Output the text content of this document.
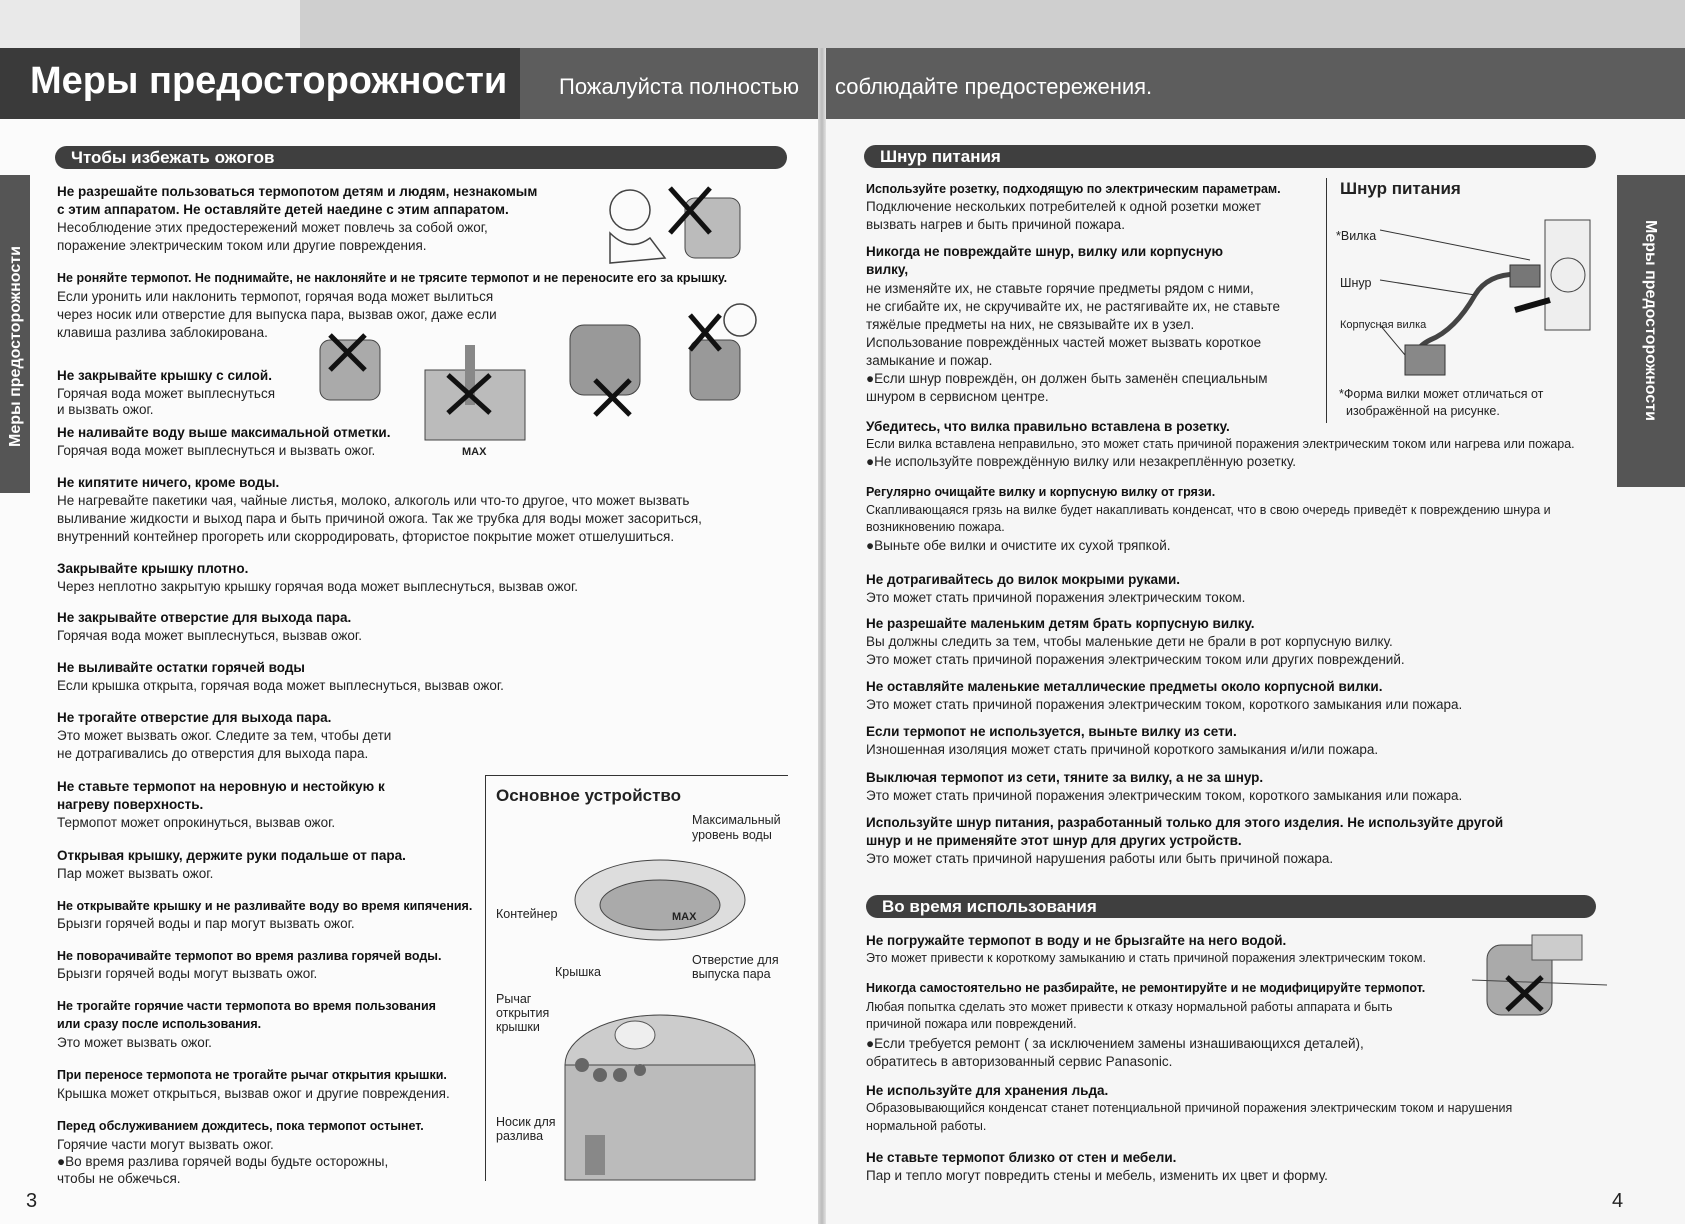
Меры предосторожности Пожалуйста полностью соблюдайте предостережения.
Меры предосторожности	Меры предосторожности
Чтобы избежать ожогов
Не разрешайте пользоваться термопотом детям и людям, незнакомым
с этим аппаратом. Не оставляйте детей наедине с этим аппаратом.
Несоблюдение этих предостережений может повлечь за собой ожог,
поражение электрическим током или другие повреждения.
Не роняйте термопот. Не поднимайте, не наклоняйте и не трясите термопот и не переносите его за крышку.
Если уронить или наклонить термопот, горячая вода может вылиться
через носик или отверстие для выпуска пара, вызвав ожог, даже если
клавиша разлива заблокирована.
Не закрывайте крышку с силой.
Горячая вода может выплеснуться
и вызвать ожог.
Не наливайте воду выше максимальной отметки.
Горячая вода может выплеснуться и вызвать ожог.
Не кипятите ничего, кроме воды.
Не нагревайте пакетики чая, чайные листья, молоко, алкоголь или что-то другое, что может вызвать
выливание жидкости и выход пара и быть причиной ожога. Так же трубка для воды может засориться,
внутренний контейнер прогореть или скорродировать, фтористое покрытие может отшелушиться.
Закрывайте крышку плотно.
Через неплотно закрытую крышку горячая вода может выплеснуться, вызвав ожог.
Не закрывайте отверстие для выхода пара.
Горячая вода может выплеснуться, вызвав ожог.
Не выливайте остатки горячей воды
Если крышка открыта, горячая вода может выплеснуться, вызвав ожог.
Не трогайте отверстие для выхода пара.
Это может вызвать ожог. Следите за тем, чтобы дети
не дотрагивались до отверстия для выхода пара.
Не ставьте термопот на неровную и нестойкую к
нагреву поверхность.
Термопот может опрокинуться, вызвав ожог.
Открывая крышку, держите руки подальше от пара.
Пар может вызвать ожог.
Не открывайте крышку и не разливайте воду во время кипячения.
Брызги горячей воды и пар могут вызвать ожог.
Не поворачивайте термопот во время разлива горячей воды.
Брызги горячей воды могут вызвать ожог.
Не трогайте горячие части термопота во время пользования
или сразу после использования.
Это может вызвать ожог.
При переносе термопота не трогайте рычаг открытия крышки.
Крышка может открыться, вызвав ожог и другие повреждения.
Перед обслуживанием дождитесь, пока термопот остынет.
Горячие части могут вызвать ожог.
●Во время разлива горячей воды будьте осторожны,
чтобы не обжечься.
MAX
Основное устройство
Максимальный
уровень воды
Контейнер	MAX
Крышка
Отверстие для
выпуска пара
Рычаг
открытия
крышки
Носик для
разлива
3
Шнур питания
Шнур питания
*Вилка
Шнур
Корпусная вилка
*Форма вилки может отличаться от
изображённой на рисунке.
Используйте розетку, подходящую по электрическим параметрам.
Подключение нескольких потребителей к одной розетки может
вызвать нагрев и быть причиной пожара.
Никогда не повреждайте шнур, вилку или корпусную
вилку,
не изменяйте их, не ставьте горячие предметы рядом с ними,
не сгибайте их, не скручивайте их, не растягивайте их, не ставьте
тяжёлые предметы на них, не связывайте их в узел.
Использование повреждённых частей может вызвать короткое
замыкание и пожар.
●Если шнур повреждён, он должен быть заменён специальным
шнуром в сервисном центре.
Убедитесь, что вилка правильно вставлена в розетку.
Если вилка вставлена неправильно, это может стать причиной поражения электрическим током или нагрева или пожара.
●Не используйте повреждённую вилку или незакреплённую розетку.
Регулярно очищайте вилку и корпусную вилку от грязи.
Скапливающаяся грязь на вилке будет накапливать конденсат, что в свою очередь приведёт к повреждению шнура и
возникновению пожара.
●Выньте обе вилки и очистите их сухой тряпкой.
Не дотрагивайтесь до вилок мокрыми руками.
Это может стать причиной поражения электрическим током.
Не разрешайте маленьким детям брать корпусную вилку.
Вы должны следить за тем, чтобы маленькие дети не брали в рот корпусную вилку.
Это может стать причиной поражения электрическим током или других повреждений.
Не оставляйте маленькие металлические предметы около корпусной вилки.
Это может стать причиной поражения электрическим током, короткого замыкания или пожара.
Если термопот не используется, выньте вилку из сети.
Изношенная изоляция может стать причиной короткого замыкания и/или пожара.
Выключая термопот из сети, тяните за вилку, а не за шнур.
Это может стать причиной поражения электрическим током, короткого замыкания или пожара.
Используйте шнур питания, разработанный только для этого изделия. Не используйте другой
шнур и не применяйте этот шнур для других устройств.
Это может стать причиной нарушения работы или быть причиной пожара.
Во время использования
Не погружайте термопот в воду и не брызгайте на него водой.
Это может привести к короткому замыканию и стать причиной поражения электрическим током.
Никогда самостоятельно не разбирайте, не ремонтируйте и не модифицируйте термопот.
Любая попытка сделать это может привести к отказу нормальной работы аппарата и быть
причиной пожара или повреждений.
●Если требуется ремонт ( за исключением замены изнашивающихся деталей),
обратитесь в авторизованный сервис Panasonic.
Не используйте для хранения льда.
Образовывающийся конденсат станет потенциальной причиной поражения электрическим током и нарушения
нормальной работы.
Не ставьте термопот близко от стен и мебели.
Пар и тепло могут повредить стены и мебель, изменить их цвет и форму.
4
